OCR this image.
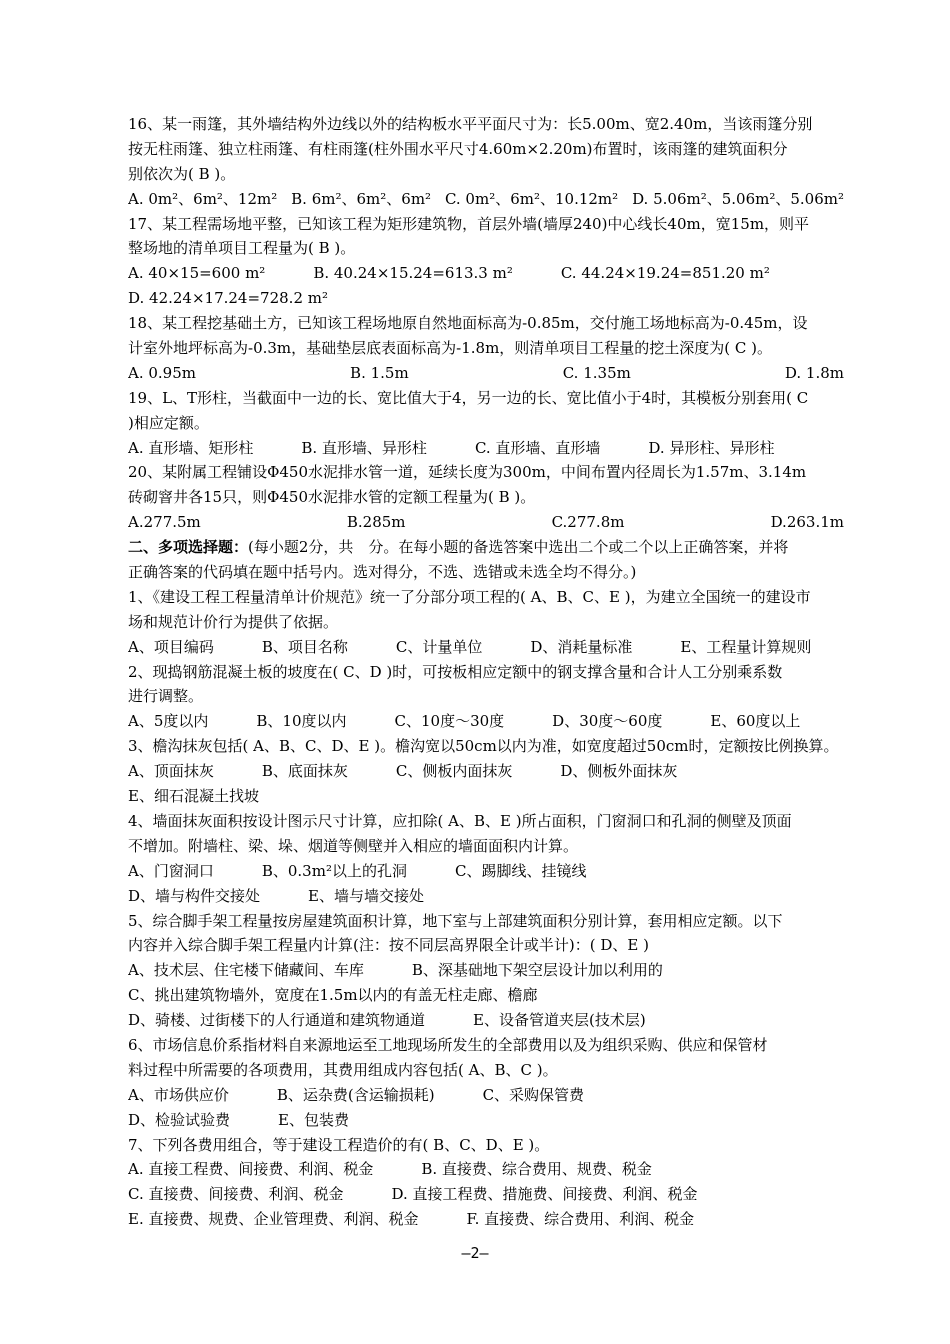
16、某一雨篷，其外墙结构外边线以外的结构板水平平面尺寸为：长5.00m、宽2.40m，当该雨篷分别
按无柱雨篷、独立柱雨篷、有柱雨篷(柱外围水平尺寸4.60m×2.20m)布置时，该雨篷的建筑面积分
别依次为( B )。
A. 0m²、6m²、12m² B. 6m²、6m²、6m² C. 0m²、6m²、10.12m² D. 5.06m²、5.06m²、5.06m²
17、某工程需场地平整，已知该工程为矩形建筑物，首层外墙(墙厚240)中心线长40m，宽15m，则平
整场地的清单项目工程量为( B )。
A. 40×15=600 m²	B. 40.24×15.24=613.3 m²	C. 44.24×19.24=851.20 m²
D. 42.24×17.24=728.2 m²
18、某工程挖基础土方，已知该工程场地原自然地面标高为-0.85m，交付施工场地标高为-0.45m，设
计室外地坪标高为-0.3m，基础垫层底表面标高为-1.8m，则清单项目工程量的挖土深度为( C )。
A. 0.95m	B. 1.5m	C. 1.35m	D. 1.8m
19、L、T形柱，当截面中一边的长、宽比值大于4，另一边的长、宽比值小于4时，其模板分别套用( C
)相应定额。
A. 直形墙、矩形柱	B. 直形墙、异形柱	C. 直形墙、直形墙	D. 异形柱、异形柱
20、某附属工程铺设Φ450水泥排水管一道，延续长度为300m，中间布置内径周长为1.57m、3.14m
砖砌窨井各15只，则Φ450水泥排水管的定额工程量为( B )。
A.277.5m	B.285m	C.277.8m	D.263.1m
二、多项选择题：(每小题2分，共　分。在每小题的备选答案中选出二个或二个以上正确答案，并将
正确答案的代码填在题中括号内。选对得分，不选、选错或未选全均不得分。)
1、《建设工程工程量清单计价规范》统一了分部分项工程的( A、B、C、E )，为建立全国统一的建设市
场和规范计价行为提供了依据。
A、项目编码	B、项目名称	C、计量单位	D、消耗量标准	E、工程量计算规则
2、现捣钢筋混凝土板的坡度在( C、D )时，可按板相应定额中的钢支撑含量和合计人工分别乘系数
进行调整。
A、5度以内	B、10度以内	C、10度～30度	D、30度～60度	E、60度以上
3、檐沟抹灰包括( A、B、C、D、E )。檐沟宽以50cm以内为准，如宽度超过50cm时，定额按比例换算。
A、顶面抹灰	B、底面抹灰	C、侧板内面抹灰	D、侧板外面抹灰
E、细石混凝土找坡
4、墙面抹灰面积按设计图示尺寸计算，应扣除( A、B、E )所占面积，门窗洞口和孔洞的侧壁及顶面
不增加。附墙柱、梁、垛、烟道等侧壁并入相应的墙面面积内计算。
A、门窗洞口	B、0.3m²以上的孔洞	C、踢脚线、挂镜线
D、墙与构件交接处	E、墙与墙交接处
5、综合脚手架工程量按房屋建筑面积计算，地下室与上部建筑面积分别计算，套用相应定额。以下
内容并入综合脚手架工程量内计算(注：按不同层高界限全计或半计)：( D、E )
A、技术层、住宅楼下储藏间、车库	B、深基础地下架空层设计加以利用的
C、挑出建筑物墙外，宽度在1.5m以内的有盖无柱走廊、檐廊
D、骑楼、过街楼下的人行通道和建筑物通道	E、设备管道夹层(技术层)
6、市场信息价系指材料自来源地运至工地现场所发生的全部费用以及为组织采购、供应和保管材
料过程中所需要的各项费用，其费用组成内容包括( A、B、C )。
A、市场供应价	B、运杂费(含运输损耗)	C、采购保管费
D、检验试验费	E、包装费
7、下列各费用组合，等于建设工程造价的有( B、C、D、E )。
A. 直接工程费、间接费、利润、税金	B. 直接费、综合费用、规费、税金
C. 直接费、间接费、利润、税金	D. 直接工程费、措施费、间接费、利润、税金
E. 直接费、规费、企业管理费、利润、税金	F. 直接费、综合费用、利润、税金
—2—
